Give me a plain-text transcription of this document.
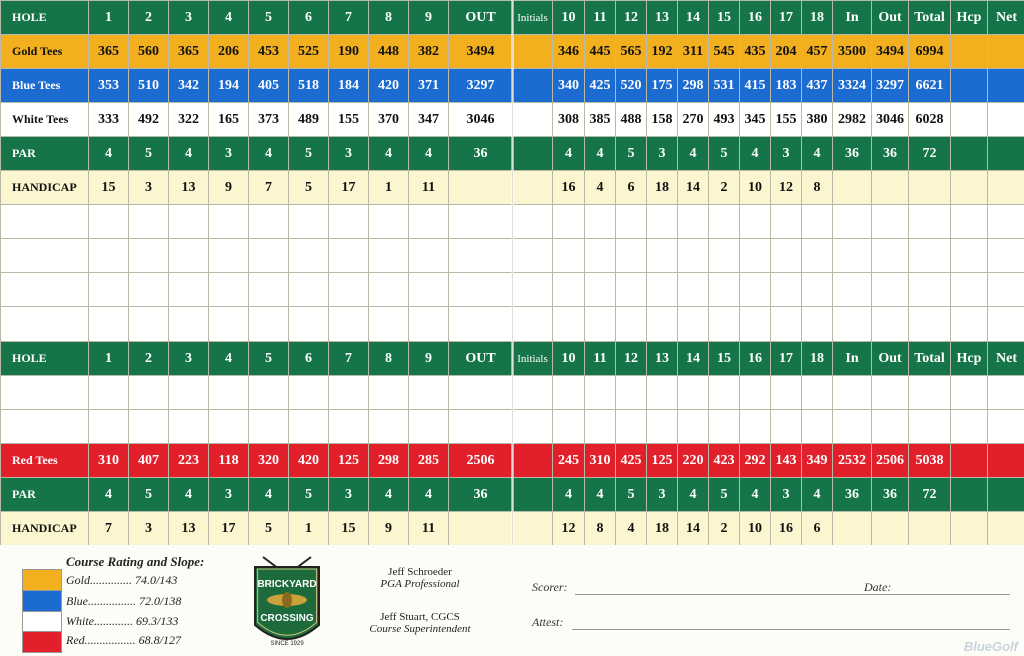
HOLE	1	2	3	4	5	6	7	8	9	OUT	Initials	10	11	12	13	14	15	16	17	18	In	Out	Total	Hcp	Net
Gold Tees	365	560	365	206	453	525	190	448	382	3494		346	445	565	192	311	545	435	204	457	3500	3494	6994		
Blue Tees	353	510	342	194	405	518	184	420	371	3297		340	425	520	175	298	531	415	183	437	3324	3297	6621		
White Tees	333	492	322	165	373	489	155	370	347	3046		308	385	488	158	270	493	345	155	380	2982	3046	6028		
PAR	4	5	4	3	4	5	3	4	4	36		4	4	5	3	4	5	4	3	4	36	36	72		
HANDICAP	15	3	13	9	7	5	17	1	11			16	4	6	18	14	2	10	12	8					

HOLE	1	2	3	4	5	6	7	8	9	OUT	Initials	10	11	12	13	14	15	16	17	18	In	Out	Total	Hcp	Net

Red Tees	310	407	223	118	320	420	125	298	285	2506		245	310	425	125	220	423	292	143	349	2532	2506	5038		
PAR	4	5	4	3	4	5	3	4	4	36		4	4	5	3	4	5	4	3	4	36	36	72		
HANDICAP	7	3	13	17	5	1	15	9	11			12	8	4	18	14	2	10	16	6					
Course Rating and Slope:
Gold.............. 74.0/143
Blue................ 72.0/138
White............. 69.3/133
Red................. 68.8/127
BRICKYARD
CROSSING
SINCE 1929
Jeff Schroeder
PGA Professional
Jeff Stuart, CGCS
Course Superintendent
Scorer:	Date:
Attest:
BlueGolf
